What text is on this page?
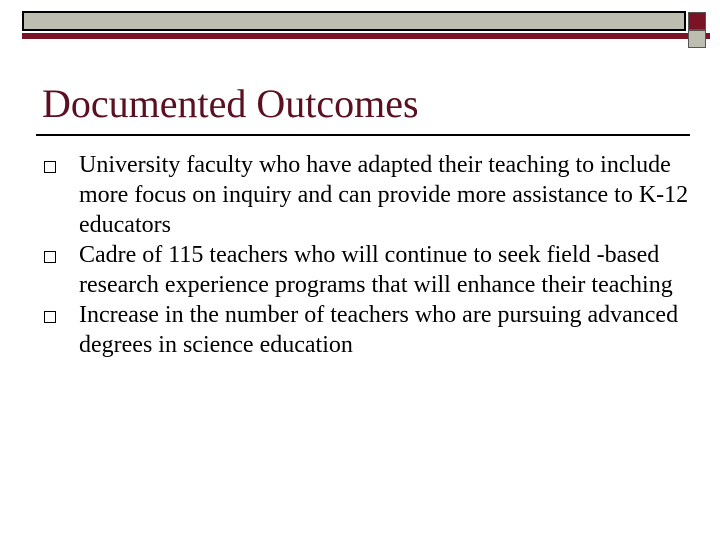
Documented Outcomes
University faculty who have adapted their teaching to include more focus on inquiry and can provide more assistance to K-12 educators
Cadre of 115 teachers who will continue to seek field -based research experience programs that will enhance their teaching
Increase in the number of teachers who are pursuing advanced degrees in science education
